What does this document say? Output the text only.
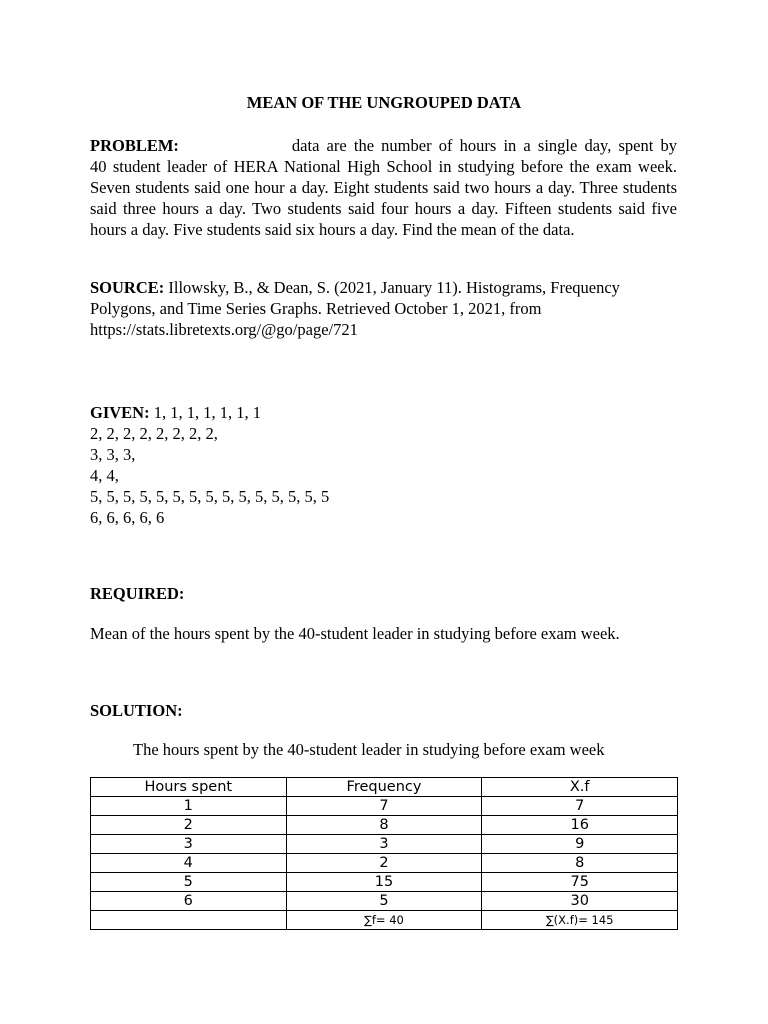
MEAN OF THE UNGROUPED DATA
PROBLEM:	data are the number of hours in a single day, spent by
40 student leader of HERA National High School in studying before the exam week. Seven students said one hour a day. Eight students said two hours a day. Three students said three hours a day. Two students said four hours a day. Fifteen students said five hours a day. Five students said six hours a day. Find the mean of the data.
SOURCE: Illowsky, B., & Dean, S. (2021, January 11). Histograms, Frequency
Polygons, and Time Series Graphs. Retrieved October 1, 2021, from
https://stats.libretexts.org/@go/page/721
GIVEN: 1, 1, 1, 1, 1, 1, 1
2, 2, 2, 2, 2, 2, 2, 2,
3, 3, 3,
4, 4,
5, 5, 5, 5, 5, 5, 5, 5, 5, 5, 5, 5, 5, 5, 5
6, 6, 6, 6, 6
REQUIRED:
Mean of the hours spent by the 40-student leader in studying before exam week.
SOLUTION:
The hours spent by the 40-student leader in studying before exam week
Hours spent	Frequency	X.f
1	7	7
2	8	16
3	3	9
4	2	8
5	15	75
6	5	30
	∑f= 40	∑(X.f)= 145
